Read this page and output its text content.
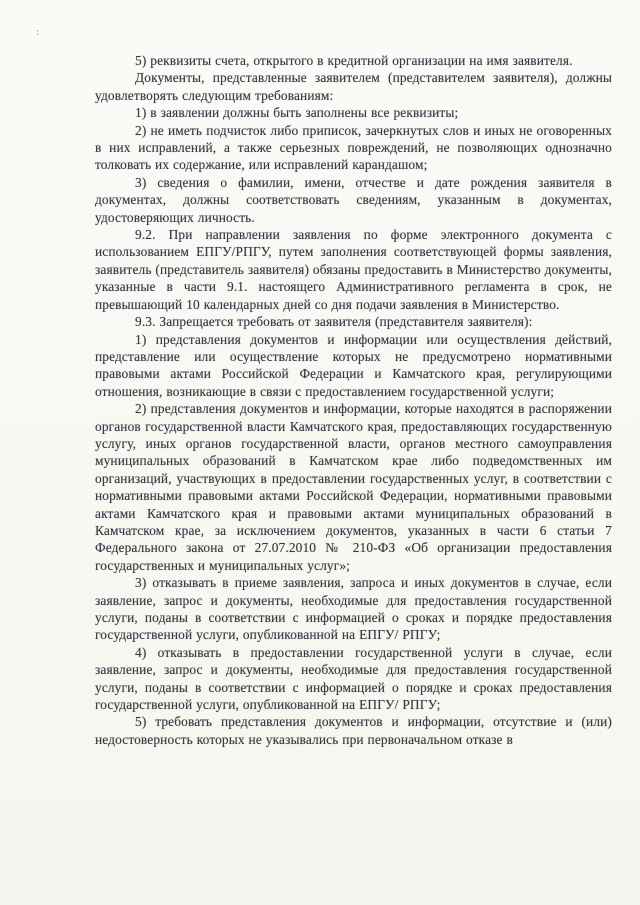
:

5) реквизиты счета, открытого в кредитной организации на имя заявителя.

Документы, представленные заявителем (представителем заявителя), должны удовлетворять следующим требованиям:

1) в заявлении должны быть заполнены все реквизиты;

2) не иметь подчисток либо приписок, зачеркнутых слов и иных не оговоренных в них исправлений, а также серьезных повреждений, не позволяющих однозначно толковать их содержание, или исправлений карандашом;

3) сведения о фамилии, имени, отчестве и дате рождения заявителя в документах, должны соответствовать сведениям, указанным в документах, удостоверяющих личность.

9.2. При направлении заявления по форме электронного документа с использованием ЕПГУ/РПГУ, путем заполнения соответствующей формы заявления, заявитель (представитель заявителя) обязаны предоставить в Министерство документы, указанные в части 9.1. настоящего Административного регламента в срок, не превышающий 10 календарных дней со дня подачи заявления в Министерство.

9.3. Запрещается требовать от заявителя (представителя заявителя):

1) представления документов и информации или осуществления действий, представление или осуществление которых не предусмотрено нормативными правовыми актами Российской Федерации и Камчатского края, регулирующими отношения, возникающие в связи с предоставлением государственной услуги;

2) представления документов и информации, которые находятся в распоряжении органов государственной власти Камчатского края, предоставляющих государственную услугу, иных органов государственной власти, органов местного самоуправления муниципальных образований в Камчатском крае либо подведомственных им организаций, участвующих в предоставлении государственных услуг, в соответствии с нормативными правовыми актами Российской Федерации, нормативными правовыми актами Камчатского края и правовыми актами муниципальных образований в Камчатском крае, за исключением документов, указанных в части 6 статьи 7 Федерального закона от 27.07.2010 № 210-ФЗ «Об организации предоставления государственных и муниципальных услуг»;

3) отказывать в приеме заявления, запроса и иных документов в случае, если заявление, запрос и документы, необходимые для предоставления государственной услуги, поданы в соответствии с информацией о сроках и порядке предоставления государственной услуги, опубликованной на ЕПГУ/ РПГУ;

4) отказывать в предоставлении государственной услуги в случае, если заявление, запрос и документы, необходимые для предоставления государственной услуги, поданы в соответствии с информацией о порядке и сроках предоставления государственной услуги, опубликованной на ЕПГУ/ РПГУ;

5) требовать представления документов и информации, отсутствие и (или) недостоверность которых не указывались при первоначальном отказе в
